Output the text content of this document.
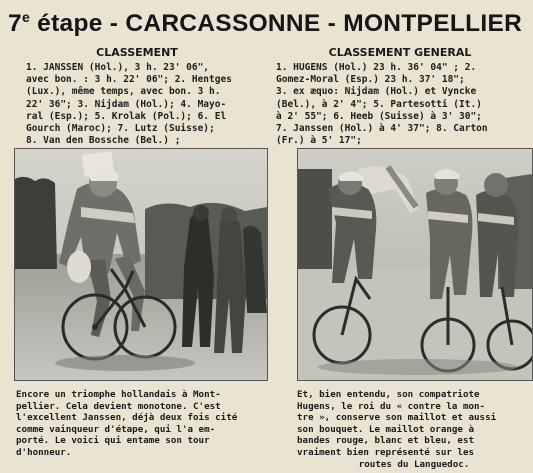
7e étape - CARCASSONNE - MONTPELLIER
CLASSEMENT	CLASSEMENT GENERAL
1. JANSSEN (Hol.), 3 h. 23' 06",
avec bon. : 3 h. 22' 06"; 2. Hentges
(Lux.), même temps, avec bon. 3 h.
22' 36"; 3. Nijdam (Hol.); 4. Mayo-
ral (Esp.); 5. Krolak (Pol.); 6. El
Gourch (Maroc); 7. Lutz (Suisse);
8. Van den Bossche (Bel.) ;
1. HUGENS (Hol.) 23 h. 36' 04" ; 2.
Gomez-Moral (Esp.) 23 h. 37' 18";
3. ex æquo: Nijdam (Hol.) et Vyncke
(Bel.), à 2' 4"; 5. Partesotti (It.)
à 2' 55"; 6. Heeb (Suisse) à 3' 30";
7. Janssen (Hol.) à 4' 37"; 8. Carton
(Fr.) à 5' 17";
Encore un triomphe hollandais à Mont-
pellier. Cela devient monotone. C'est
l'excellent Janssen, déjà deux fois cité
comme vainqueur d'étape, qui l'a em-
porté. Le voici qui entame son tour
d'honneur.
Et, bien entendu, son compatriote
Hugens, le roi du « contre la mon-
tre », conserve son maillot et aussi
son bouquet. Le maillot orange à
bandes rouge, blanc et bleu, est
vraiment bien représenté sur les
routes du Languedoc.
